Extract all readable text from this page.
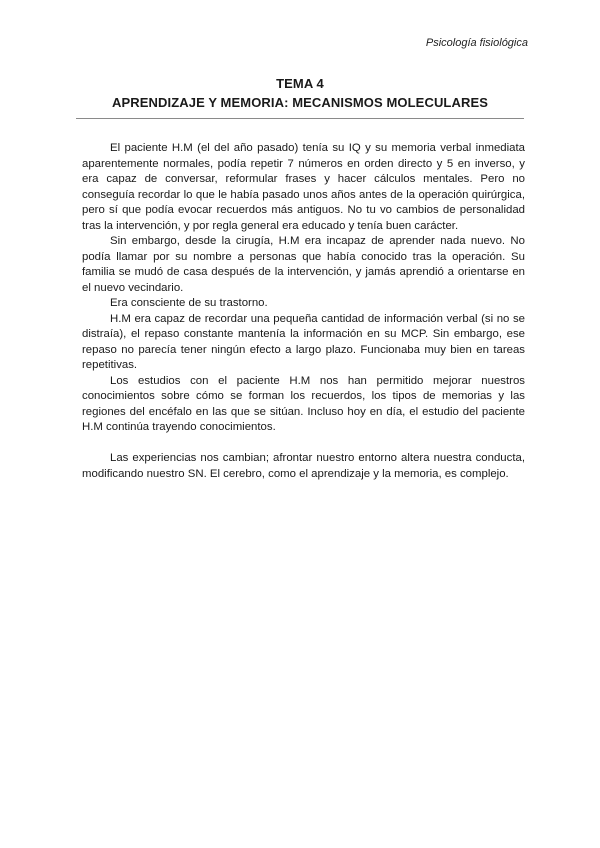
Psicología fisiológica

TEMA 4
APRENDIZAJE Y MEMORIA: MECANISMOS MOLECULARES

El paciente H.M (el del año pasado) tenía su IQ y su memoria verbal inmediata aparentemente normales, podía repetir 7 números en orden directo y 5 en inverso, y era capaz de conversar, reformular frases y hacer cálculos mentales. Pero no conseguía recordar lo que le había pasado unos años antes de la operación quirúrgica, pero sí que podía evocar recuerdos más antiguos. No tu vo cambios de personalidad tras la intervención, y por regla general era educado y tenía buen carácter.

Sin embargo, desde la cirugía, H.M era incapaz de aprender nada nuevo. No podía llamar por su nombre a personas que había conocido tras la operación. Su familia se mudó de casa después de la intervención, y jamás aprendió a orientarse en el nuevo vecindario.

Era consciente de su trastorno.

H.M era capaz de recordar una pequeña cantidad de información verbal (si no se distraía), el repaso constante mantenía la información en su MCP. Sin embargo, ese repaso no parecía tener ningún efecto a largo plazo. Funcionaba muy bien en tareas repetitivas.

Los estudios con el paciente H.M nos han permitido mejorar nuestros conocimientos sobre cómo se forman los recuerdos, los tipos de memorias y las regiones del encéfalo en las que se sitúan. Incluso hoy en día, el estudio del paciente H.M continúa trayendo conocimientos.

Las experiencias nos cambian; afrontar nuestro entorno altera nuestra conducta, modificando nuestro SN. El cerebro, como el aprendizaje y la memoria, es complejo.
